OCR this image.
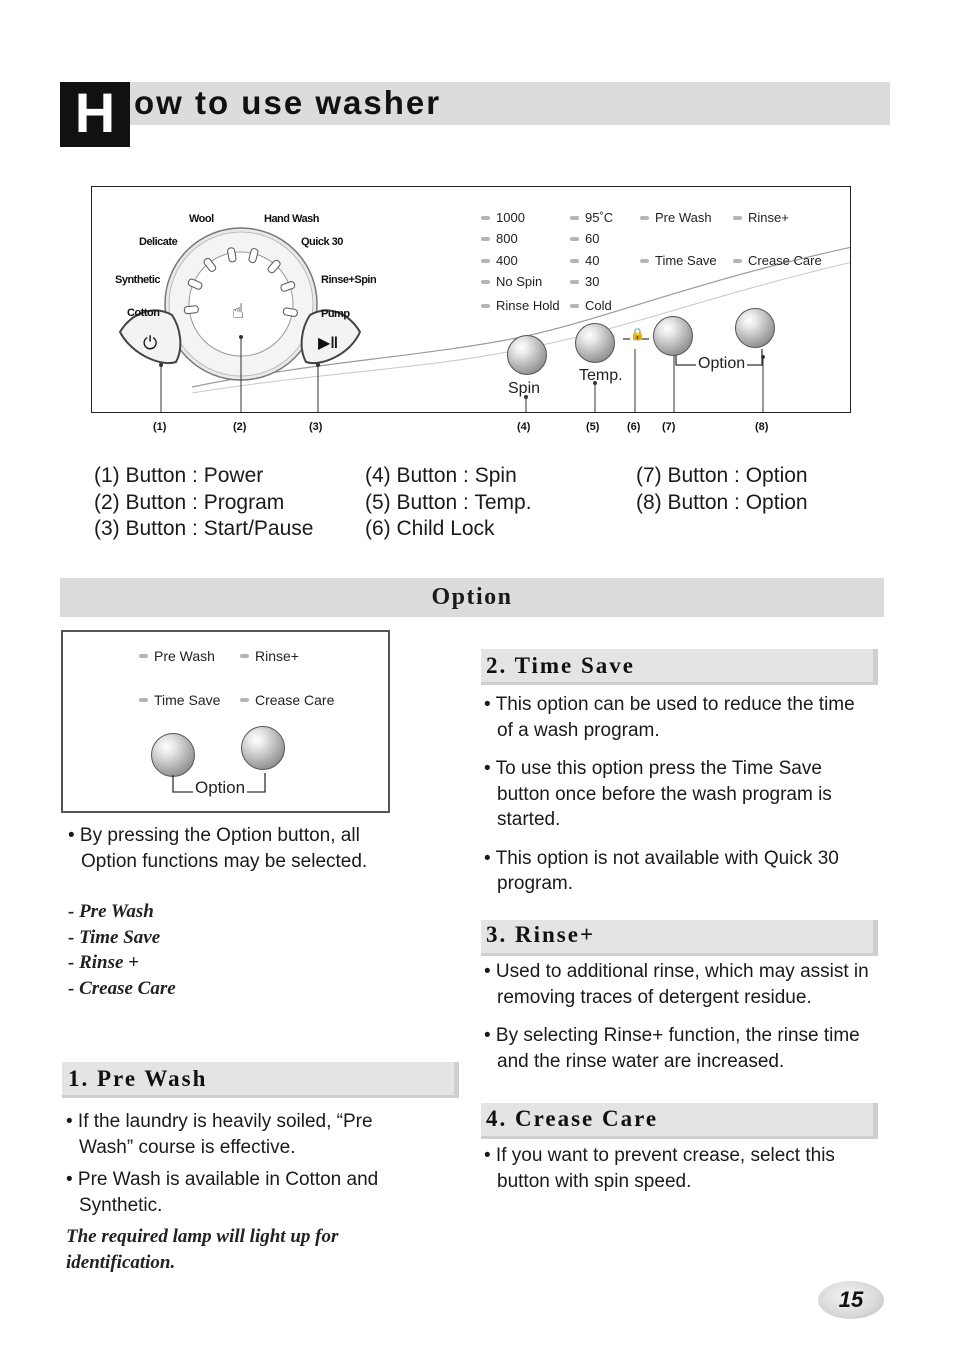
H ow to use washer
Wool	Hand Wash
Delicate	Quick 30
Synthetic	Rinse+Spin
Cotton	Pump
⏻
☝
▶‖
🔒
1000
800
400
No Spin
Rinse Hold
95˚C
60
40
30
Cold
Pre Wash	Rinse+
Time Save	Crease Care
Spin
Temp.
Option
(1)	(2)	(3)	(4)	(5)	(6) (7)	(8)
(1) Button : Power
(2) Button : Program
(3) Button : Start/Pause
(4) Button : Spin
(5) Button : Temp.
(6) Child Lock
(7) Button : Option
(8) Button : Option
Option
Pre Wash	Rinse+
Time Save	Crease Care
Option

• By pressing the Option button, all Option functions may be selected.

- Pre Wash
- Time Save
- Rinse +
- Crease Care
1. Pre Wash

• If the laundry is heavily soiled, “Pre Wash” course is effective.

• Pre Wash is available in Cotton and Synthetic.

The required lamp will light up for identification.
2. Time Save

• This option can be used to reduce the time of a wash program.

• To use this option press the Time Save button once before the wash program is started.

• This option is not available with Quick 30 program.

3. Rinse+

• Used to additional rinse, which may assist in removing traces of detergent residue.

• By selecting Rinse+ function, the rinse time and the rinse water are increased.

4. Crease Care

• If you want to prevent crease, select this button with spin speed.

15
